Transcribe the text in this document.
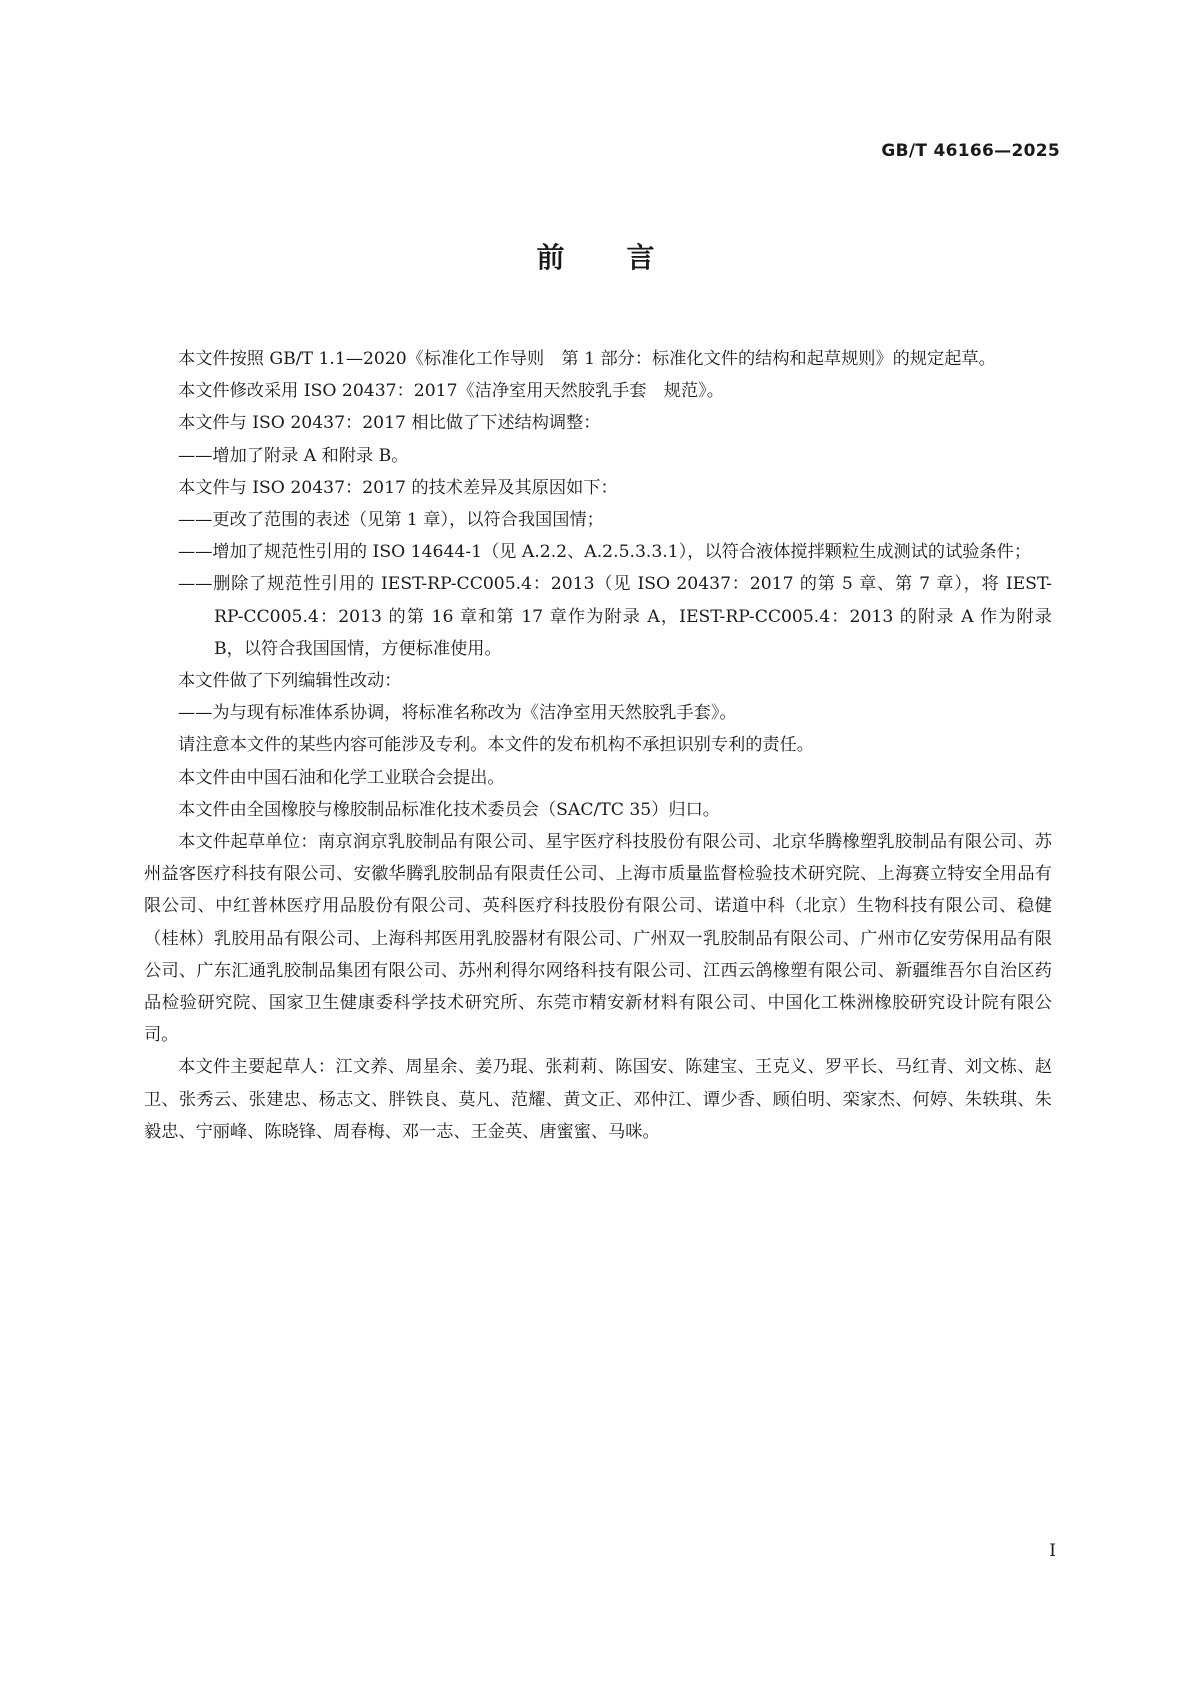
GB/T 46166—2025
前言

本文件按照 GB/T 1.1—2020《标准化工作导则　第 1 部分：标准化文件的结构和起草规则》的规定起草。

本文件修改采用 ISO 20437：2017《洁净室用天然胶乳手套　规范》。

本文件与 ISO 20437：2017 相比做了下述结构调整：

——增加了附录 A 和附录 B。

本文件与 ISO 20437：2017 的技术差异及其原因如下：

——更改了范围的表述（见第 1 章），以符合我国国情；

——增加了规范性引用的 ISO 14644-1（见 A.2.2、A.2.5.3.3.1），以符合液体搅拌颗粒生成测试的试验条件；

——删除了规范性引用的 IEST-RP-CC005.4：2013（见 ISO 20437：2017 的第 5 章、第 7 章），将 IEST-RP-CC005.4：2013 的第 16 章和第 17 章作为附录 A，IEST-RP-CC005.4：2013 的附录 A 作为附录 B，以符合我国国情，方便标准使用。

本文件做了下列编辑性改动：

——为与现有标准体系协调，将标准名称改为《洁净室用天然胶乳手套》。

请注意本文件的某些内容可能涉及专利。本文件的发布机构不承担识别专利的责任。

本文件由中国石油和化学工业联合会提出。

本文件由全国橡胶与橡胶制品标准化技术委员会（SAC/TC 35）归口。

本文件起草单位：南京润京乳胶制品有限公司、星宇医疗科技股份有限公司、北京华腾橡塑乳胶制品有限公司、苏州益客医疗科技有限公司、安徽华腾乳胶制品有限责任公司、上海市质量监督检验技术研究院、上海赛立特安全用品有限公司、中红普林医疗用品股份有限公司、英科医疗科技股份有限公司、诺道中科（北京）生物科技有限公司、稳健（桂林）乳胶用品有限公司、上海科邦医用乳胶器材有限公司、广州双一乳胶制品有限公司、广州市亿安劳保用品有限公司、广东汇通乳胶制品集团有限公司、苏州利得尔网络科技有限公司、江西云鸽橡塑有限公司、新疆维吾尔自治区药品检验研究院、国家卫生健康委科学技术研究所、东莞市精安新材料有限公司、中国化工株洲橡胶研究设计院有限公司。

本文件主要起草人：江文养、周星余、姜乃琨、张莉莉、陈国安、陈建宝、王克义、罗平长、马红青、刘文栋、赵卫、张秀云、张建忠、杨志文、胖铁良、莫凡、范耀、黄文正、邓仲江、谭少香、顾伯明、栾家杰、何婷、朱轶琪、朱毅忠、宁丽峰、陈晓锋、周春梅、邓一志、王金英、唐蜜蜜、马咪。

I
